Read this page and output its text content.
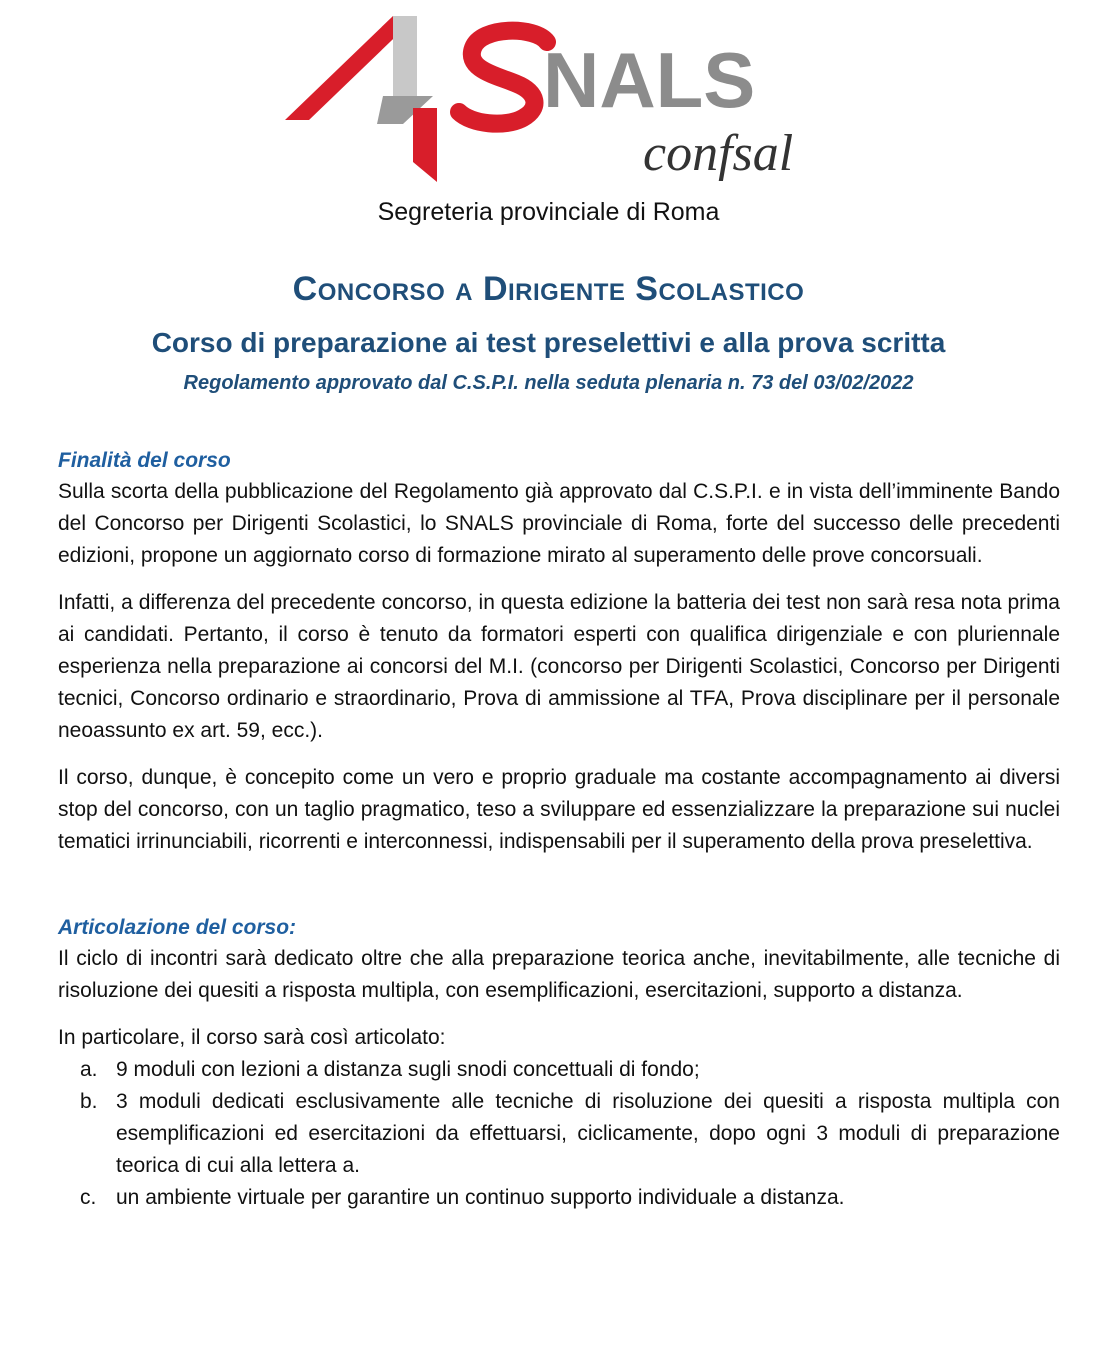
NALS
confsal
Segreteria provinciale di Roma
Concorso a Dirigente Scolastico
Corso di preparazione ai test preselettivi e alla prova scritta
Regolamento approvato dal C.S.P.I. nella seduta plenaria n. 73 del 03/02/2022
Finalità del corso

Sulla scorta della pubblicazione del Regolamento già approvato dal C.S.P.I. e in vista dell’imminente Bando del Concorso per Dirigenti Scolastici, lo SNALS provinciale di Roma, forte del successo delle precedenti edizioni, propone un aggiornato corso di formazione mirato al superamento delle prove concorsuali.

Infatti, a differenza del precedente concorso, in questa edizione la batteria dei test non sarà resa nota prima ai candidati. Pertanto, il corso è tenuto da formatori esperti con qualifica dirigenziale e con pluriennale esperienza nella preparazione ai concorsi del M.I. (concorso per Dirigenti Scolastici, Concorso per Dirigenti tecnici, Concorso ordinario e straordinario, Prova di ammissione al TFA, Prova disciplinare per il personale neoassunto ex art. 59, ecc.).

Il corso, dunque, è concepito come un vero e proprio graduale ma costante accompagnamento ai diversi stop del concorso, con un taglio pragmatico, teso a sviluppare ed essenzializzare la preparazione sui nuclei tematici irrinunciabili, ricorrenti e interconnessi, indispensabili per il superamento della prova preselettiva.

Articolazione del corso:

Il ciclo di incontri sarà dedicato oltre che alla preparazione teorica anche, inevitabilmente, alle tecniche di risoluzione dei quesiti a risposta multipla, con esemplificazioni, esercitazioni, supporto a distanza.

In particolare, il corso sarà così articolato:

a. 9 moduli con lezioni a distanza sugli snodi concettuali di fondo;
b. 3 moduli dedicati esclusivamente alle tecniche di risoluzione dei quesiti a risposta multipla con esemplificazioni ed esercitazioni da effettuarsi, ciclicamente, dopo ogni 3 moduli di preparazione teorica di cui alla lettera a.
c. un ambiente virtuale per garantire un continuo supporto individuale a distanza.
